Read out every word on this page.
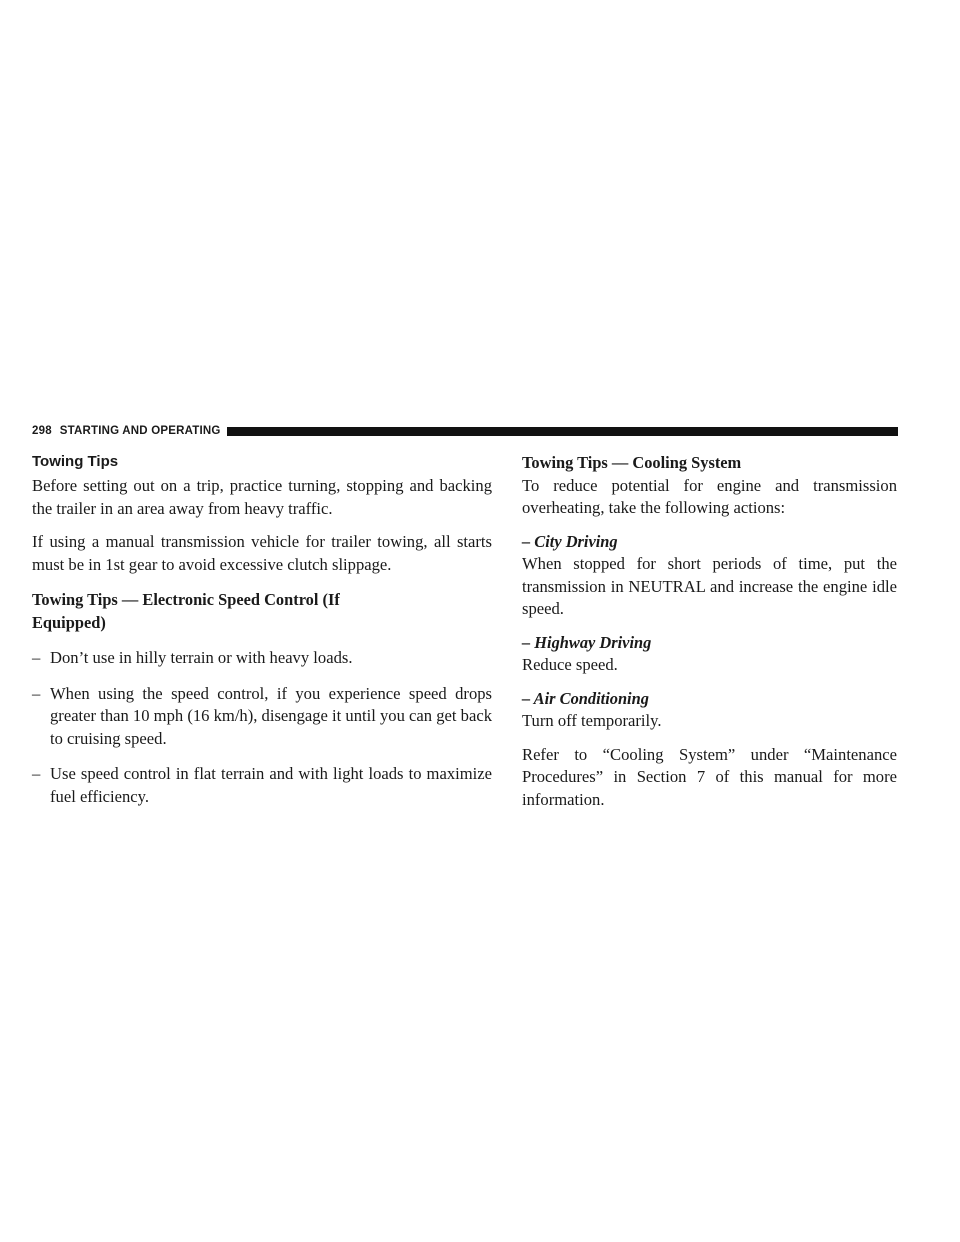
298 STARTING AND OPERATING
Towing Tips

Before setting out on a trip, practice turning, stopping and backing the trailer in an area away from heavy traffic.

If using a manual transmission vehicle for trailer towing, all starts must be in 1st gear to avoid excessive clutch slippage.

Towing Tips — Electronic Speed Control (If
Equipped)
– Don’t use in hilly terrain or with heavy loads.
– When using the speed control, if you experience speed drops greater than 10 mph (16 km/h), disengage it until you can get back to cruising speed.
– Use speed control in flat terrain and with light loads to maximize fuel efficiency.
Towing Tips — Cooling System

To reduce potential for engine and transmission overheating, take the following actions:

– City Driving

When stopped for short periods of time, put the transmission in NEUTRAL and increase the engine idle speed.

– Highway Driving

Reduce speed.

– Air Conditioning

Turn off temporarily.

Refer to “Cooling System” under “Maintenance Procedures” in Section 7 of this manual for more information.
